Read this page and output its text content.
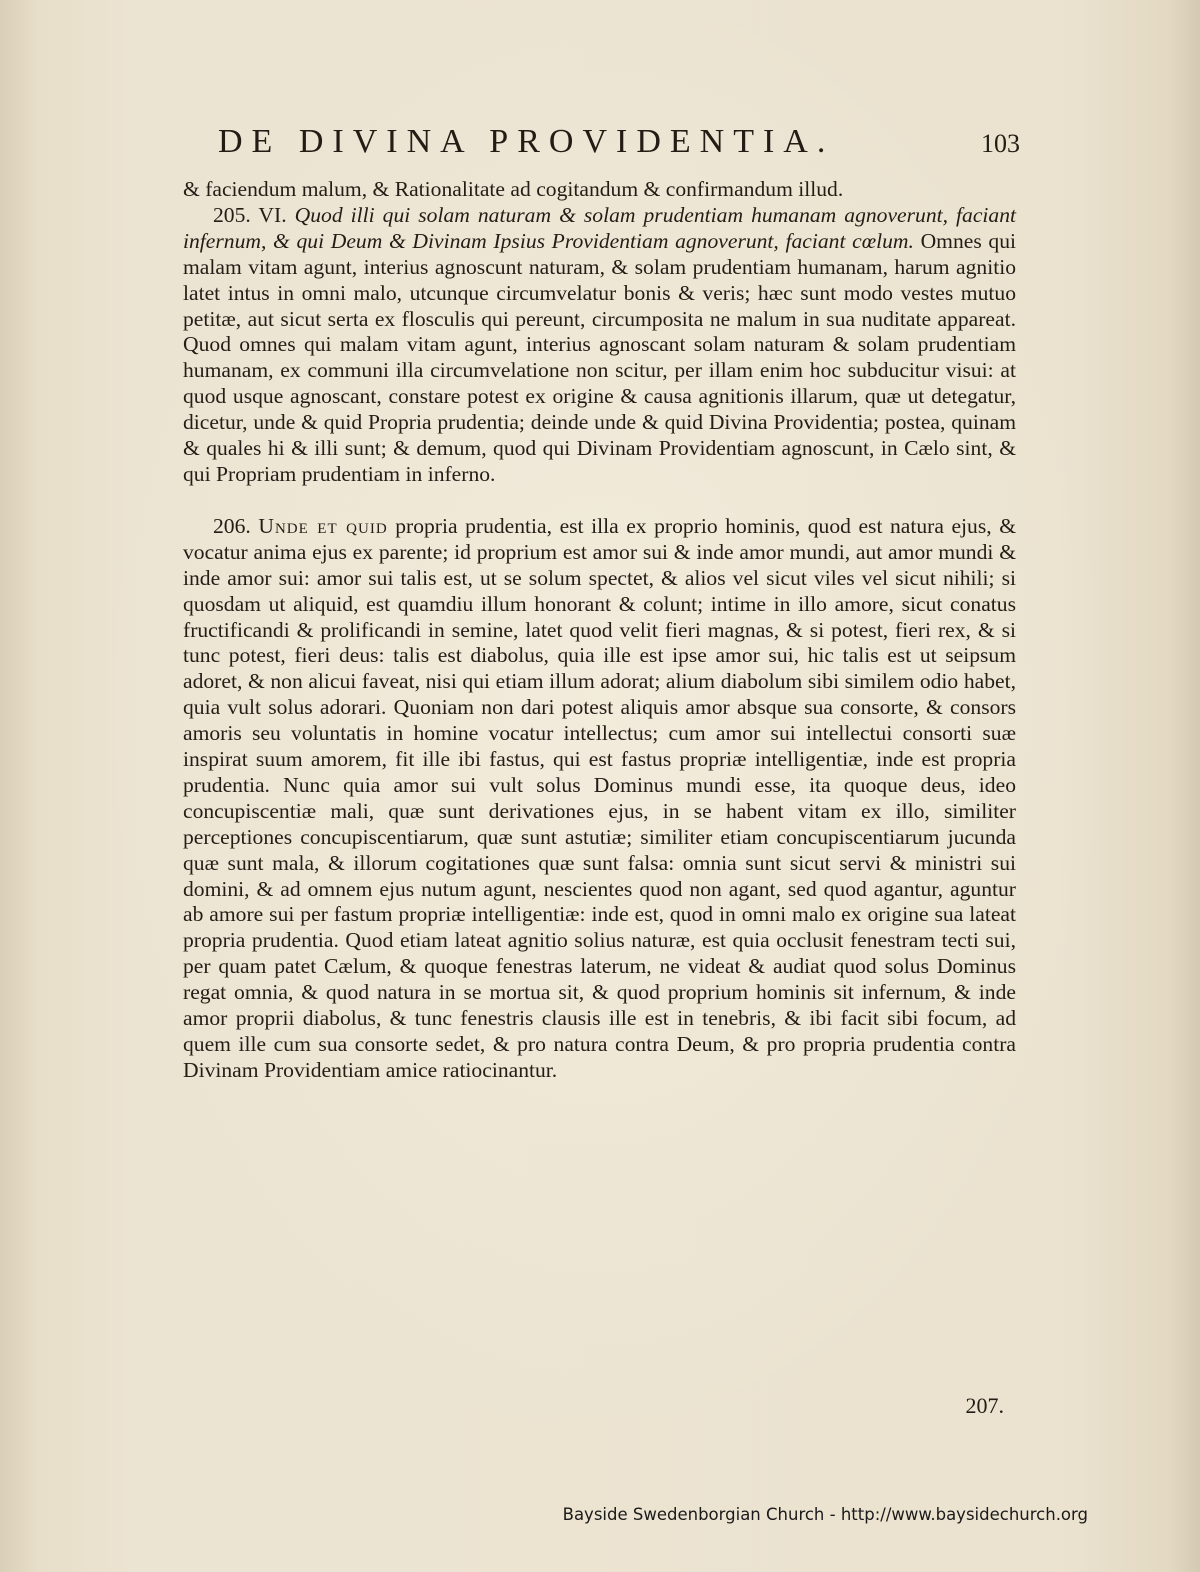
DE DIVINA PROVIDENTIA.	103

& faciendum malum, & Rationalitate ad cogitandum & confirmandum illud.

205. VI. Quod illi qui solam naturam & solam prudentiam humanam agnoverunt, faciant infernum, & qui Deum & Divinam Ipsius Providentiam agnoverunt, faciant cœlum. Omnes qui malam vitam agunt, interius agnoscunt naturam, & solam prudentiam humanam, harum agnitio latet intus in omni malo, utcunque circumvelatur bonis & veris; hæc sunt modo vestes mutuo petitæ, aut sicut serta ex flosculis qui pereunt, circumposita ne malum in sua nuditate appareat. Quod omnes qui malam vitam agunt, interius agnoscant solam naturam & solam prudentiam humanam, ex communi illa circumvelatione non scitur, per illam enim hoc subducitur visui: at quod usque agnoscant, constare potest ex origine & causa agnitionis illarum, quæ ut detegatur, dicetur, unde & quid Propria prudentia; deinde unde & quid Divina Providentia; postea, quinam & quales hi & illi sunt; & demum, quod qui Divinam Providentiam agnoscunt, in Cælo sint, & qui Propriam prudentiam in inferno.

206. Unde et quid propria prudentia, est illa ex proprio hominis, quod est natura ejus, & vocatur anima ejus ex parente; id proprium est amor sui & inde amor mundi, aut amor mundi & inde amor sui: amor sui talis est, ut se solum spectet, & alios vel sicut viles vel sicut nihili; si quosdam ut aliquid, est quamdiu illum honorant & colunt; intime in illo amore, sicut conatus fructificandi & prolificandi in semine, latet quod velit fieri magnas, & si potest, fieri rex, & si tunc potest, fieri deus: talis est diabolus, quia ille est ipse amor sui, hic talis est ut seipsum adoret, & non alicui faveat, nisi qui etiam illum adorat; alium diabolum sibi similem odio habet, quia vult solus adorari. Quoniam non dari potest aliquis amor absque sua consorte, & consors amoris seu voluntatis in homine vocatur intellectus; cum amor sui intellectui consorti suæ inspirat suum amorem, fit ille ibi fastus, qui est fastus propriæ intelligentiæ, inde est propria prudentia. Nunc quia amor sui vult solus Dominus mundi esse, ita quoque deus, ideo concupiscentiæ mali, quæ sunt derivationes ejus, in se habent vitam ex illo, similiter perceptiones concupiscentiarum, quæ sunt astutiæ; similiter etiam concupiscentiarum jucunda quæ sunt mala, & illorum cogitationes quæ sunt falsa: omnia sunt sicut servi & ministri sui domini, & ad omnem ejus nutum agunt, nescientes quod non agant, sed quod agantur, aguntur ab amore sui per fastum propriæ intelligentiæ: inde est, quod in omni malo ex origine sua lateat propria prudentia. Quod etiam lateat agnitio solius naturæ, est quia occlusit fenestram tecti sui, per quam patet Cælum, & quoque fenestras laterum, ne videat & audiat quod solus Dominus regat omnia, & quod natura in se mortua sit, & quod proprium hominis sit infernum, & inde amor proprii diabolus, & tunc fenestris clausis ille est in tenebris, & ibi facit sibi focum, ad quem ille cum sua consorte sedet, & pro natura contra Deum, & pro propria prudentia contra Divinam Providentiam amice ratiocinantur.

207.
Bayside Swedenborgian Church - http://www.baysidechurch.org
